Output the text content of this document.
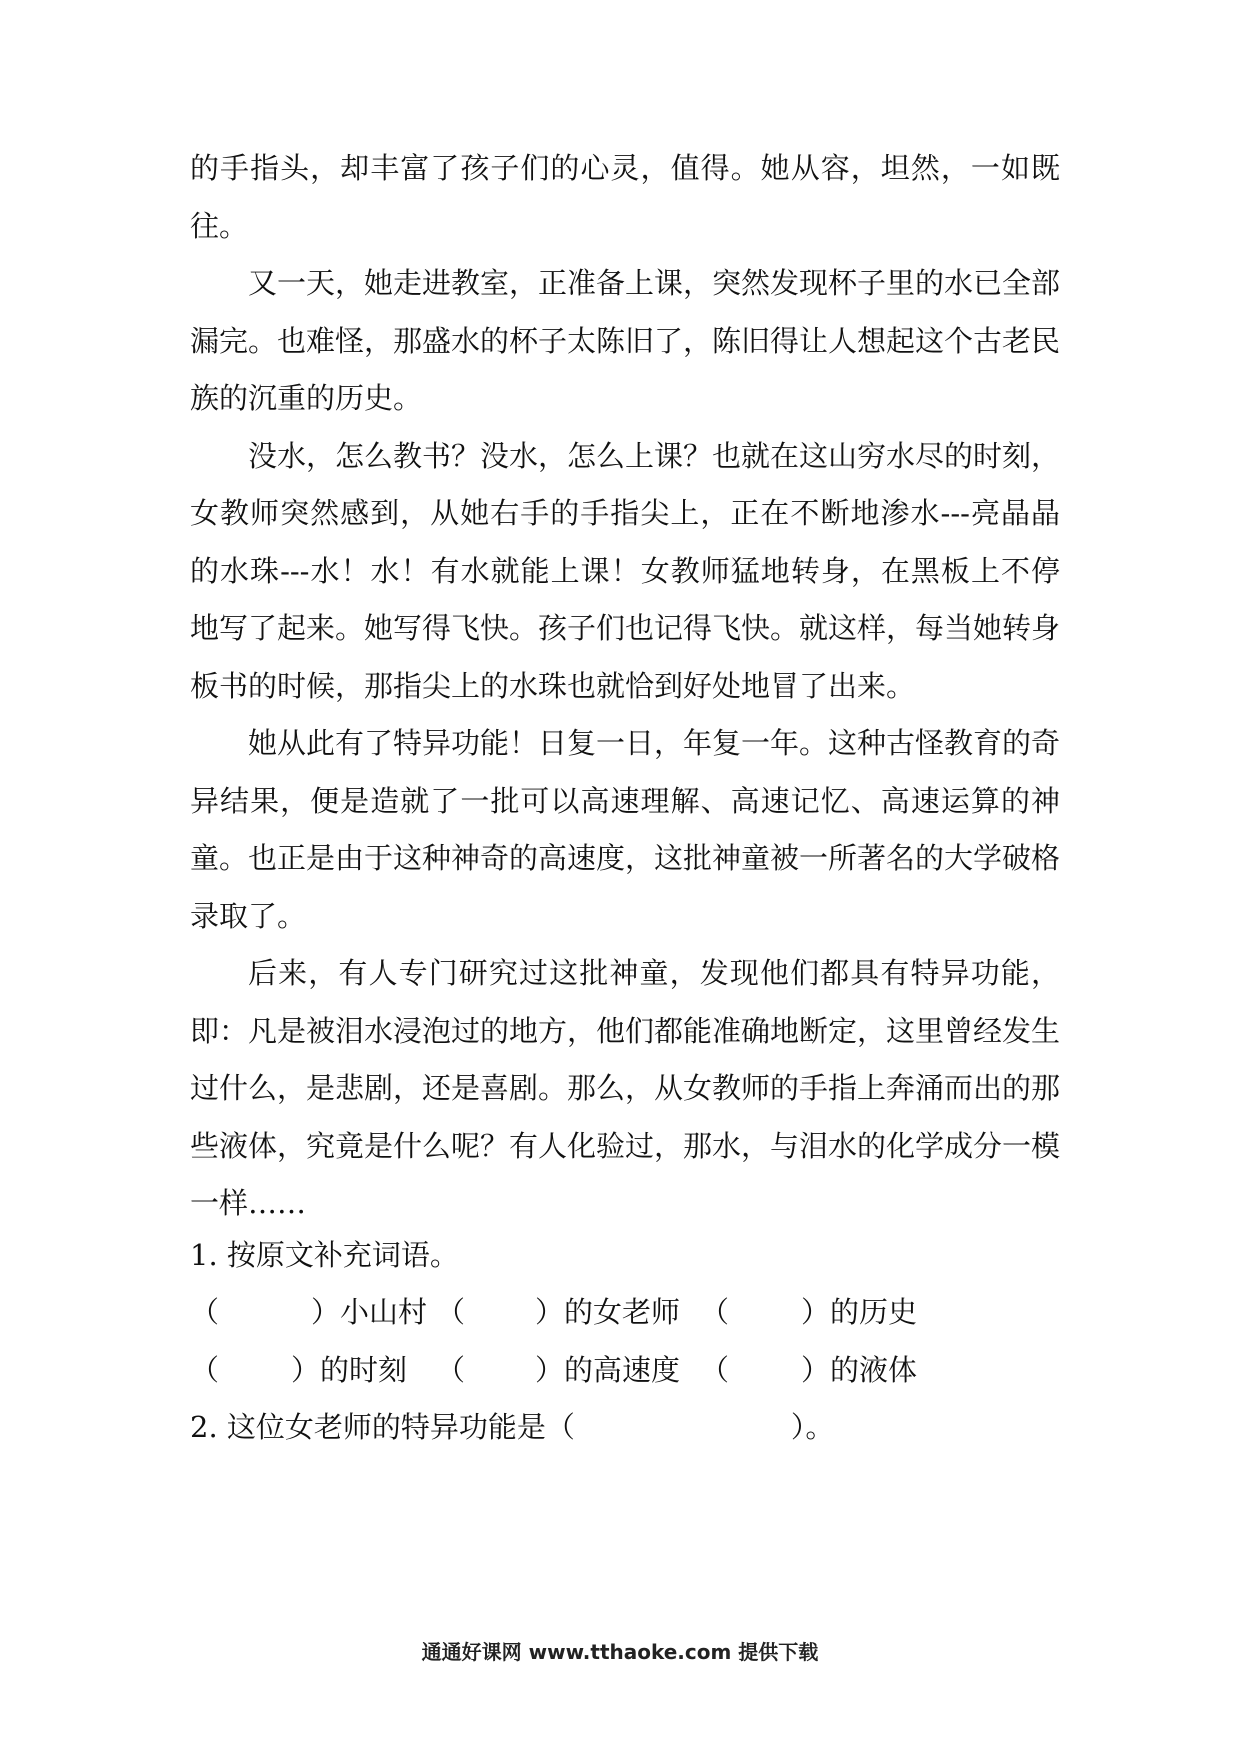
的手指头，却丰富了孩子们的心灵，值得。她从容，坦然，一如既往。

又一天，她走进教室，正准备上课，突然发现杯子里的水已全部漏完。也难怪，那盛水的杯子太陈旧了，陈旧得让人想起这个古老民族的沉重的历史。

没水，怎么教书？没水，怎么上课？也就在这山穷水尽的时刻，女教师突然感到，从她右手的手指尖上，正在不断地渗水---亮晶晶的水珠---水！水！有水就能上课！女教师猛地转身，在黑板上不停地写了起来。她写得飞快。孩子们也记得飞快。就这样，每当她转身板书的时候，那指尖上的水珠也就恰到好处地冒了出来。

她从此有了特异功能！日复一日，年复一年。这种古怪教育的奇异结果，便是造就了一批可以高速理解、高速记忆、高速运算的神童。也正是由于这种神奇的高速度，这批神童被一所著名的大学破格录取了。

后来，有人专门研究过这批神童，发现他们都具有特异功能，即：凡是被泪水浸泡过的地方，他们都能准确地断定，这里曾经发生过什么，是悲剧，还是喜剧。那么，从女教师的手指上奔涌而出的那些液体，究竟是什么呢？有人化验过，那水，与泪水的化学成分一模一样……

1. 按原文补充词语。
（	）小山村 （ ）的女老师 （ ）的历史
（ ）的时刻 （ ）的高速度 （ ）的液体
2. 这位女老师的特异功能是（	）。
通通好课网 www.tthaoke.com 提供下载
